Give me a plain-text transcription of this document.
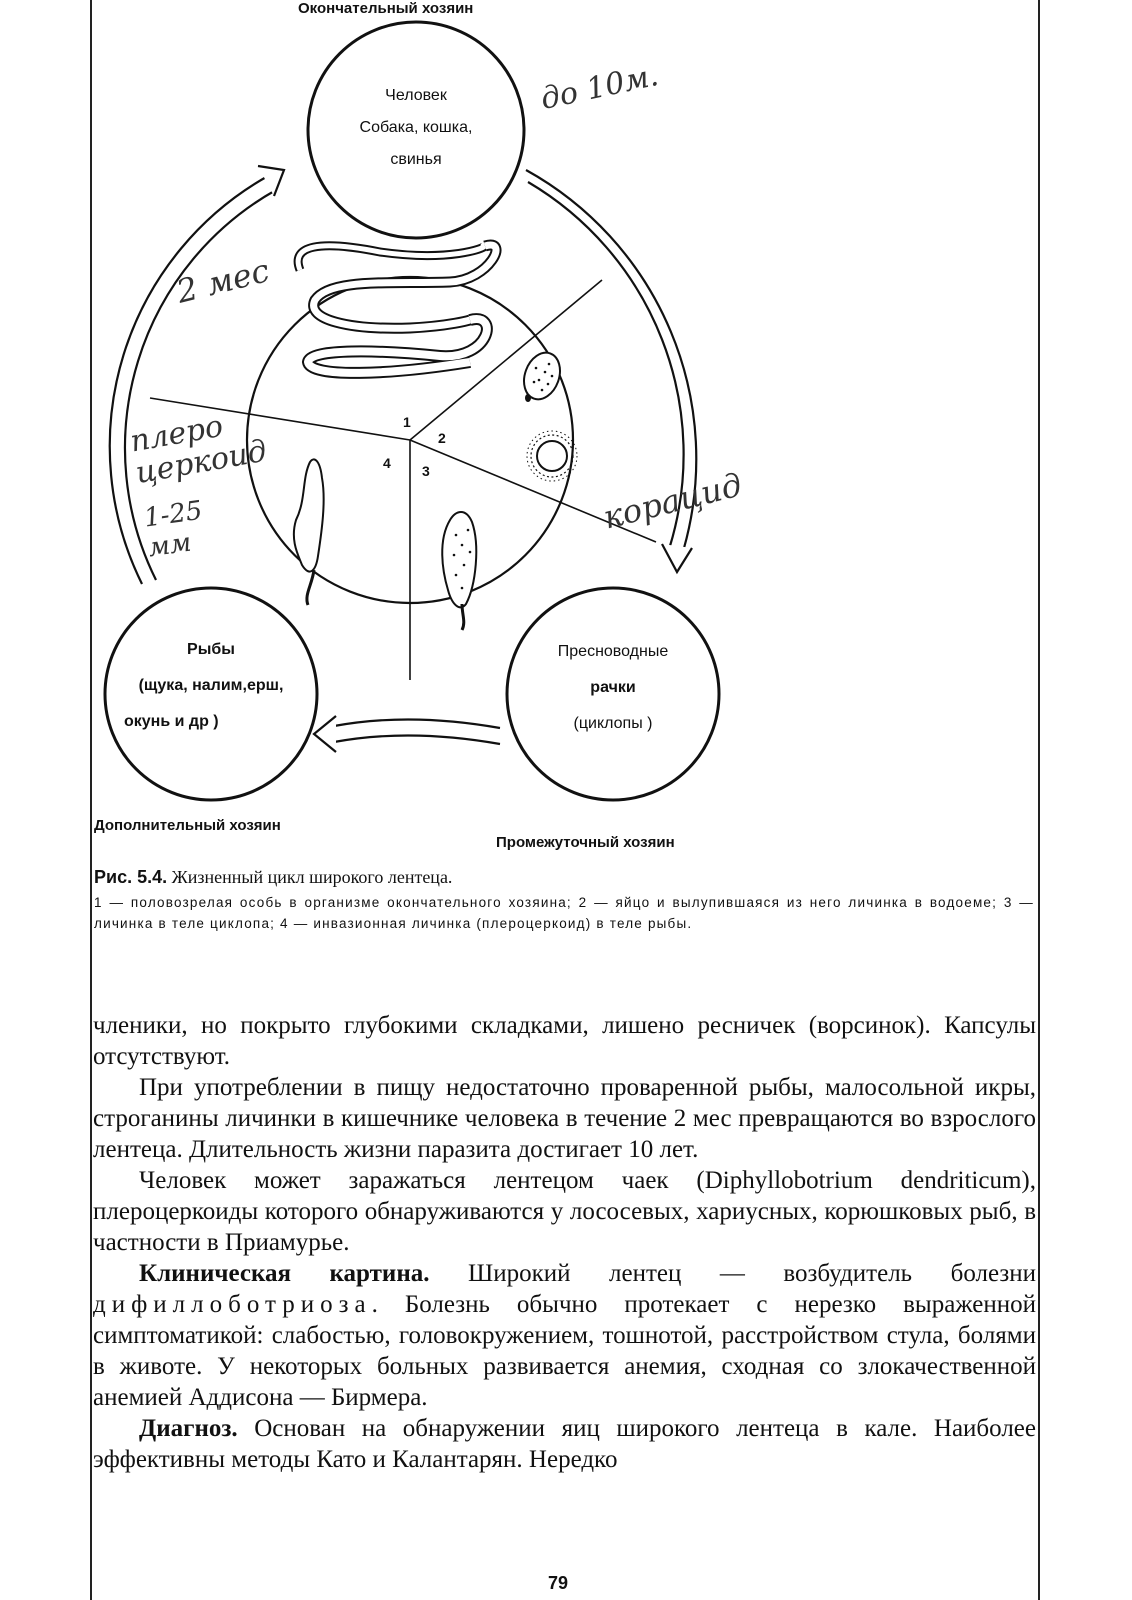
Окончательный хозяин
Дополнительный хозяин
Промежуточный хозяин
Человек
Собака, кошка,
свинья
Рыбы
(щука, налим,ерш,
окунь и др )
Пресноводные
рачки
(циклопы )
1
2
3
4
до 10м.
2 мес
плеро церкоид
1-25 мм
корацид
Рис. 5.4. Жизненный цикл широкого лентеца.
1 — половозрелая особь в организме окончательного хозяина; 2 — яйцо и вылупившаяся из него личинка в водоеме; 3 — личинка в теле циклопа; 4 — инвазионная личинка (плероцеркоид) в теле рыбы.

членики, но покрыто глубокими складками, лишено ресничек (ворсинок). Капсулы отсутствуют.

При употреблении в пищу недостаточно проваренной рыбы, малосольной икры, строганины личинки в кишечнике человека в течение 2 мес превращаются во взрослого лентеца. Длительность жизни паразита достигает 10 лет.

Человек может заражаться лентецом чаек (Diphyllobotrium dendriticum), плероцеркоиды которого обнаруживаются у лососевых, хариусных, корюшковых рыб, в частности в Приамурье.

Клиническая картина. Широкий лентец — возбудитель болезни дифиллоботриоза. Болезнь обычно протекает с нерезко выраженной симптоматикой: слабостью, головокружением, тошнотой, расстройством стула, болями в животе. У некоторых больных развивается анемия, сходная со злокачественной анемией Аддисона — Бирмера.

Диагноз. Основан на обнаружении яиц широкого лентеца в кале. Наиболее эффективны методы Като и Калантарян. Нередко

79
